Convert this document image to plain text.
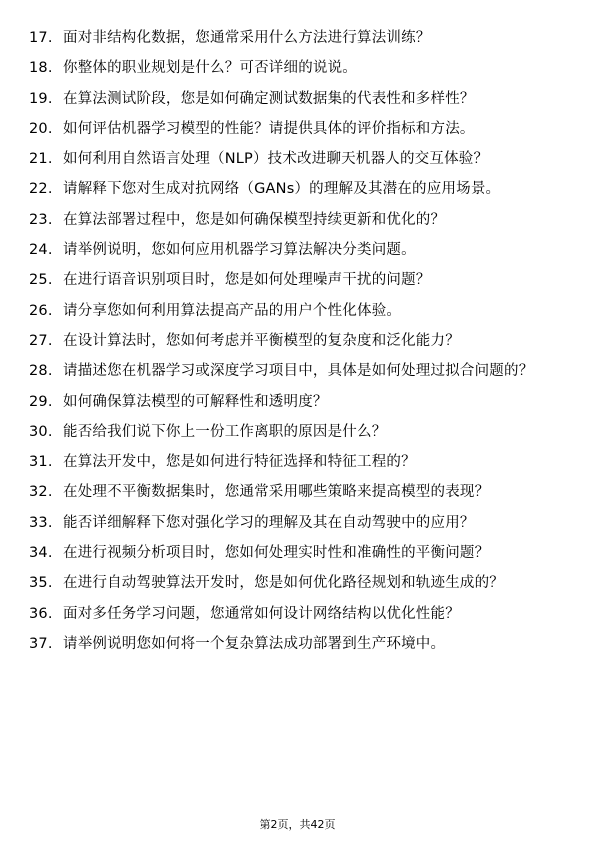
17. 面对非结构化数据，您通常采用什么方法进行算法训练？
18. 你整体的职业规划是什么？可否详细的说说。
19. 在算法测试阶段，您是如何确定测试数据集的代表性和多样性？
20. 如何评估机器学习模型的性能？请提供具体的评价指标和方法。
21. 如何利用自然语言处理（NLP）技术改进聊天机器人的交互体验？
22. 请解释下您对生成对抗网络（GANs）的理解及其潜在的应用场景。
23. 在算法部署过程中，您是如何确保模型持续更新和优化的？
24. 请举例说明，您如何应用机器学习算法解决分类问题。
25. 在进行语音识别项目时，您是如何处理噪声干扰的问题？
26. 请分享您如何利用算法提高产品的用户个性化体验。
27. 在设计算法时，您如何考虑并平衡模型的复杂度和泛化能力？
28. 请描述您在机器学习或深度学习项目中，具体是如何处理过拟合问题的？
29. 如何确保算法模型的可解释性和透明度？
30. 能否给我们说下你上一份工作离职的原因是什么？
31. 在算法开发中，您是如何进行特征选择和特征工程的？
32. 在处理不平衡数据集时，您通常采用哪些策略来提高模型的表现？
33. 能否详细解释下您对强化学习的理解及其在自动驾驶中的应用？
34. 在进行视频分析项目时，您如何处理实时性和准确性的平衡问题？
35. 在进行自动驾驶算法开发时，您是如何优化路径规划和轨迹生成的？
36. 面对多任务学习问题，您通常如何设计网络结构以优化性能？
37. 请举例说明您如何将一个复杂算法成功部署到生产环境中。
第2页，共42页
